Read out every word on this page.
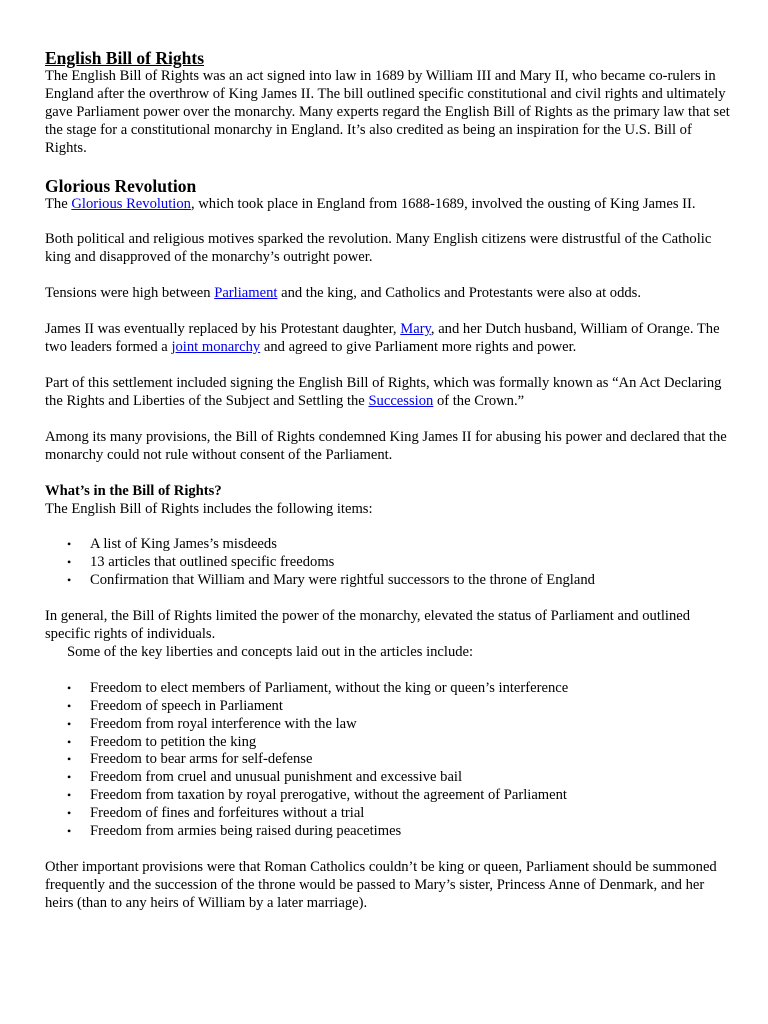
English Bill of Rights

The English Bill of Rights was an act signed into law in 1689 by William III and Mary II, who became co-rulers in England after the overthrow of King James II. The bill outlined specific constitutional and civil rights and ultimately gave Parliament power over the monarchy. Many experts regard the English Bill of Rights as the primary law that set the stage for a constitutional monarchy in England. It’s also credited as being an inspiration for the U.S. Bill of Rights.

Glorious Revolution

The Glorious Revolution, which took place in England from 1688-1689, involved the ousting of King James II.

Both political and religious motives sparked the revolution. Many English citizens were distrustful of the Catholic king and disapproved of the monarchy’s outright power.

Tensions were high between Parliament and the king, and Catholics and Protestants were also at odds.

James II was eventually replaced by his Protestant daughter, Mary, and her Dutch husband, William of Orange. The two leaders formed a joint monarchy and agreed to give Parliament more rights and power.

Part of this settlement included signing the English Bill of Rights, which was formally known as “An Act Declaring the Rights and Liberties of the Subject and Settling the Succession of the Crown.”

Among its many provisions, the Bill of Rights condemned King James II for abusing his power and declared that the monarchy could not rule without consent of the Parliament.

What’s in the Bill of Rights?

The English Bill of Rights includes the following items:

• A list of King James’s misdeeds
• 13 articles that outlined specific freedoms
• Confirmation that William and Mary were rightful successors to the throne of England

In general, the Bill of Rights limited the power of the monarchy, elevated the status of Parliament and outlined specific rights of individuals.

Some of the key liberties and concepts laid out in the articles include:

• Freedom to elect members of Parliament, without the king or queen’s interference
• Freedom of speech in Parliament
• Freedom from royal interference with the law
• Freedom to petition the king
• Freedom to bear arms for self-defense
• Freedom from cruel and unusual punishment and excessive bail
• Freedom from taxation by royal prerogative, without the agreement of Parliament
• Freedom of fines and forfeitures without a trial
• Freedom from armies being raised during peacetimes

Other important provisions were that Roman Catholics couldn’t be king or queen, Parliament should be summoned frequently and the succession of the throne would be passed to Mary’s sister, Princess Anne of Denmark, and her heirs (than to any heirs of William by a later marriage).
